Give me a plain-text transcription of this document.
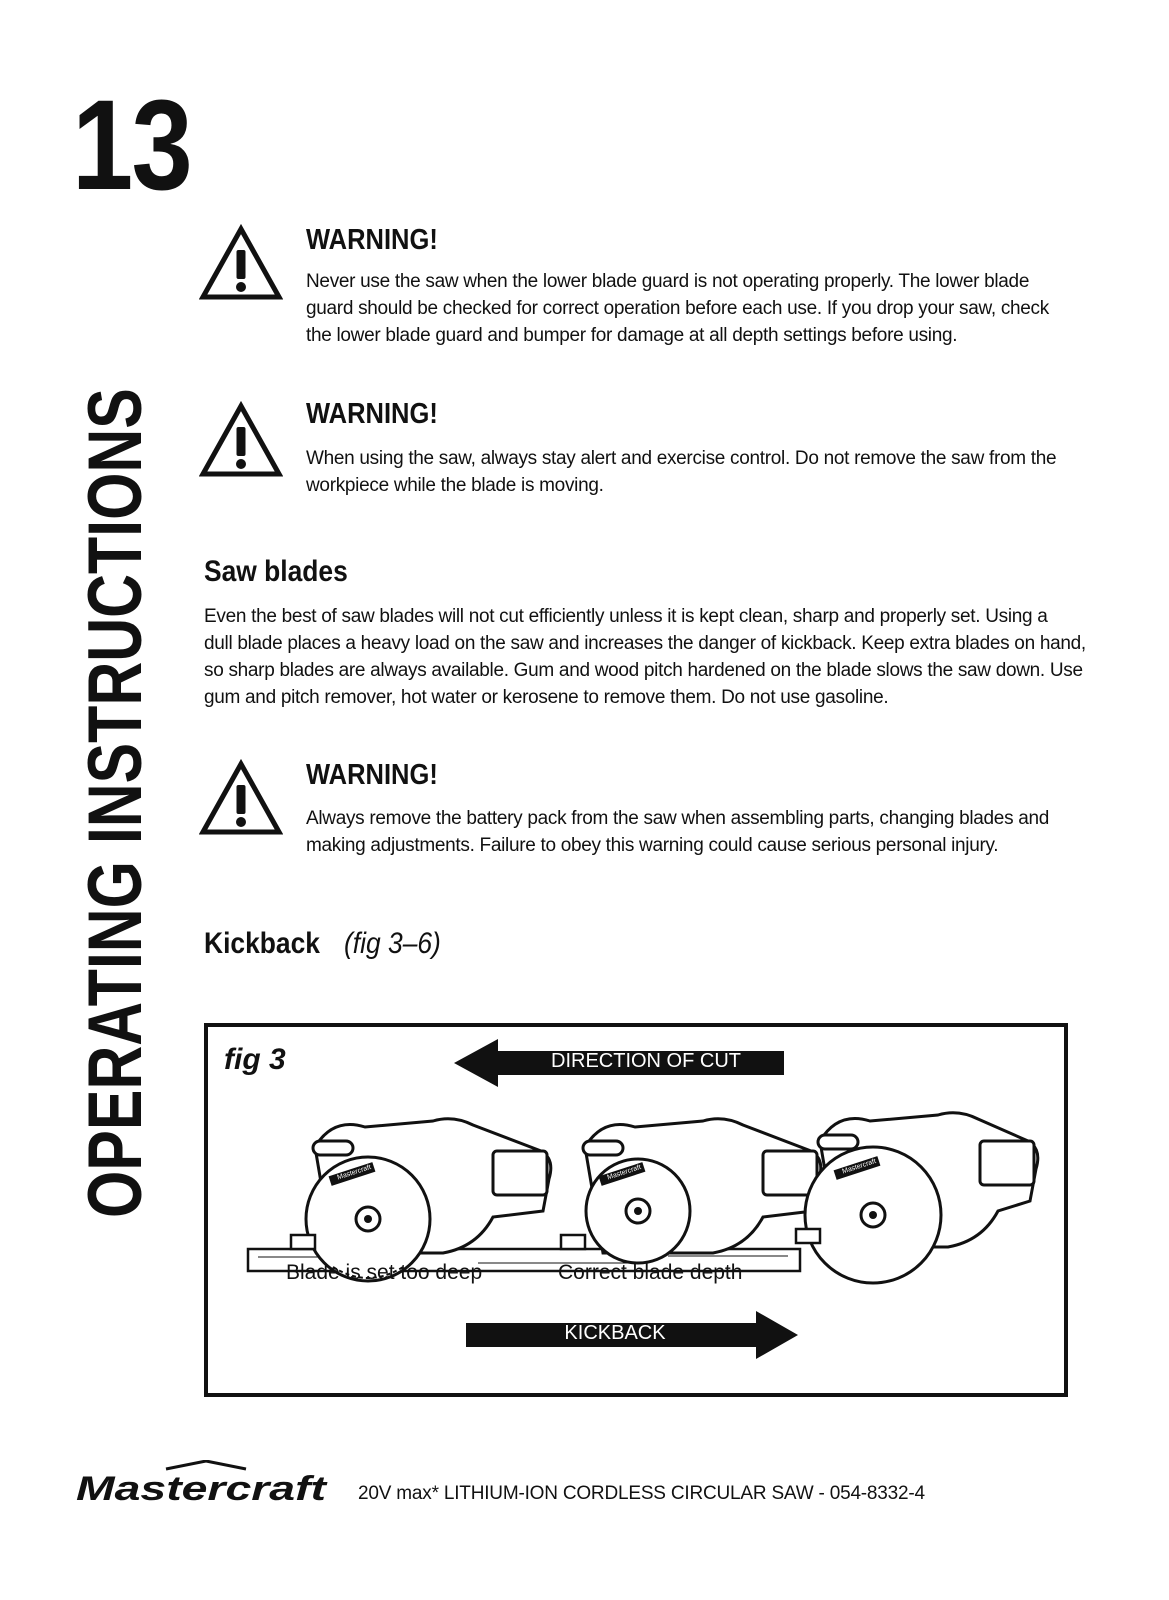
13
OPERATING INSTRUCTIONS
WARNING!
Never use the saw when the lower blade guard is not operating properly. The lower blade
guard should be checked for correct operation before each use. If you drop your saw, check
the lower blade guard and bumper for damage at all depth settings before using.
WARNING!
When using the saw, always stay alert and exercise control. Do not remove the saw from the
workpiece while the blade is moving.
Saw blades
Even the best of saw blades will not cut efficiently unless it is kept clean, sharp and properly set. Using a
dull blade places a heavy load on the saw and increases the danger of kickback. Keep extra blades on hand,
so sharp blades are always available. Gum and wood pitch hardened on the blade slows the saw down. Use
gum and pitch remover, hot water or kerosene to remove them. Do not use gasoline.
WARNING!
Always remove the battery pack from the saw when assembling parts, changing blades and
making adjustments. Failure to obey this warning could cause serious personal injury.
Kickback (fig 3–6)
fig 3	DIRECTION OF CUT
Mastercraft	Mastercraft	Mastercraft
Blade is set too deep	Correct blade depth
KICKBACK
Mastercraft 20V max* LITHIUM-ION CORDLESS CIRCULAR SAW - 054-8332-4
